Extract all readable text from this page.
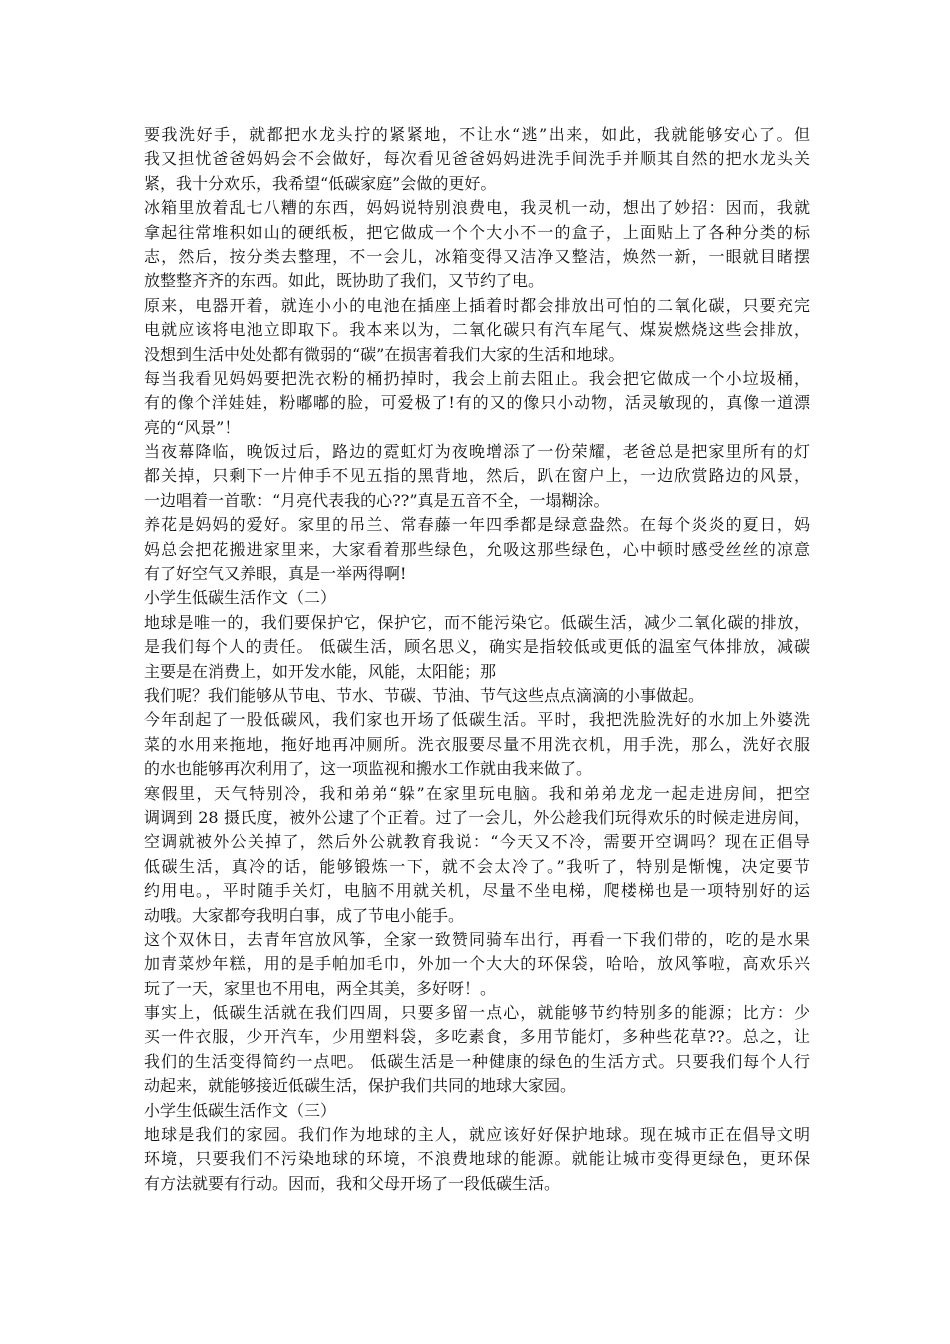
要我洗好手，就都把水龙头拧的紧紧地，不让水“逃”出来，如此，我就能够安心了。但
我又担忧爸爸妈妈会不会做好，每次看见爸爸妈妈进洗手间洗手并顺其自然的把水龙头关
紧，我十分欢乐，我希望“低碳家庭”会做的更好。
冰箱里放着乱七八糟的东西，妈妈说特别浪费电，我灵机一动，想出了妙招：因而，我就
拿起往常堆积如山的硬纸板，把它做成一个个大小不一的盒子，上面贴上了各种分类的标
志，然后，按分类去整理，不一会儿，冰箱变得又洁净又整洁，焕然一新，一眼就目睹摆
放整整齐齐的东西。如此，既协助了我们，又节约了电。
原来，电器开着，就连小小的电池在插座上插着时都会排放出可怕的二氧化碳，只要充完
电就应该将电池立即取下。我本来以为，二氧化碳只有汽车尾气、煤炭燃烧这些会排放，
没想到生活中处处都有微弱的“碳”在损害着我们大家的生活和地球。
每当我看见妈妈要把洗衣粉的桶扔掉时，我会上前去阻止。我会把它做成一个小垃圾桶，
有的像个洋娃娃，粉嘟嘟的脸，可爱极了!有的又的像只小动物，活灵敏现的，真像一道漂
亮的“风景”！
当夜幕降临，晚饭过后，路边的霓虹灯为夜晚增添了一份荣耀，老爸总是把家里所有的灯
都关掉，只剩下一片伸手不见五指的黑背地，然后，趴在窗户上，一边欣赏路边的风景，
一边唱着一首歌：“月亮代表我的心??”真是五音不全，一塌糊涂。
养花是妈妈的爱好。家里的吊兰、常春藤一年四季都是绿意盎然。在每个炎炎的夏日，妈
妈总会把花搬进家里来，大家看着那些绿色，允吸这那些绿色，心中顿时感受丝丝的凉意
有了好空气又养眼，真是一举两得啊!
小学生低碳生活作文（二）
地球是唯一的，我们要保护它，保护它，而不能污染它。低碳生活，减少二氧化碳的排放，
是我们每个人的责任。 低碳生活，顾名思义，确实是指较低或更低的温室气体排放，减碳
主要是在消费上，如开发水能，风能，太阳能；那
我们呢？我们能够从节电、节水、节碳、节油、节气这些点点滴滴的小事做起。
今年刮起了一股低碳风，我们家也开场了低碳生活。平时，我把洗脸洗好的水加上外婆洗
菜的水用来拖地，拖好地再冲厕所。洗衣服要尽量不用洗衣机，用手洗，那么，洗好衣服
的水也能够再次利用了，这一项监视和搬水工作就由我来做了。
寒假里，天气特别冷，我和弟弟“躲”在家里玩电脑。我和弟弟龙龙一起走进房间，把空
调调到 28 摄氏度，被外公逮了个正着。过了一会儿，外公趁我们玩得欢乐的时候走进房间，
空调就被外公关掉了，然后外公就教育我说：“今天又不冷，需要开空调吗？现在正倡导
低碳生活，真冷的话，能够锻炼一下，就不会太冷了。”我听了，特别是惭愧，决定要节
约用电。，平时随手关灯，电脑不用就关机，尽量不坐电梯，爬楼梯也是一项特别好的运
动哦。大家都夸我明白事，成了节电小能手。
这个双休日，去青年宫放风筝，全家一致赞同骑车出行，再看一下我们带的，吃的是水果
加青菜炒年糕，用的是手帕加毛巾，外加一个大大的环保袋，哈哈，放风筝啦，高欢乐兴
玩了一天，家里也不用电，两全其美，多好呀！。
事实上，低碳生活就在我们四周，只要多留一点心，就能够节约特别多的能源；比方：少
买一件衣服，少开汽车，少用塑料袋，多吃素食，多用节能灯，多种些花草??。总之，让
我们的生活变得简约一点吧。 低碳生活是一种健康的绿色的生活方式。只要我们每个人行
动起来，就能够接近低碳生活，保护我们共同的地球大家园。
小学生低碳生活作文（三）
地球是我们的家园。我们作为地球的主人，就应该好好保护地球。现在城市正在倡导文明
环境，只要我们不污染地球的环境，不浪费地球的能源。就能让城市变得更绿色，更环保
有方法就要有行动。因而，我和父母开场了一段低碳生活。
